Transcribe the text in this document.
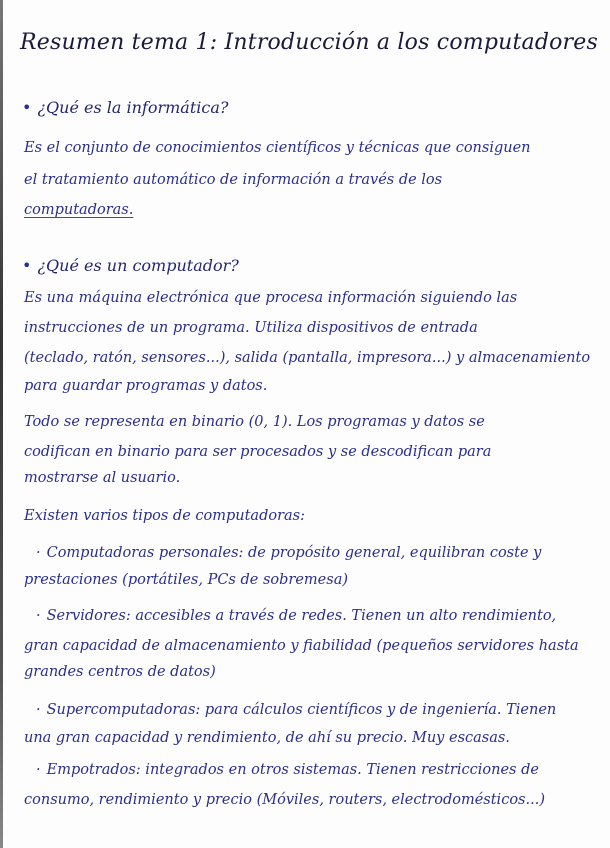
Resumen tema 1: Introducción a los computadores
• ¿Qué es la informática?
Es el conjunto de conocimientos científicos y técnicas que consiguen
el tratamiento automático de información a través de los
computadoras.
• ¿Qué es un computador?
Es una máquina electrónica que procesa información siguiendo las
instrucciones de un programa. Utiliza dispositivos de entrada
(teclado, ratón, sensores...), salida (pantalla, impresora...) y almacenamiento
para guardar programas y datos.
Todo se representa en binario (0, 1). Los programas y datos se
codifican en binario para ser procesados y se descodifican para
mostrarse al usuario.
Existen varios tipos de computadoras:
· Computadoras personales: de propósito general, equilibran coste y
prestaciones (portátiles, PCs de sobremesa)
· Servidores: accesibles a través de redes. Tienen un alto rendimiento,
gran capacidad de almacenamiento y fiabilidad (pequeños servidores hasta
grandes centros de datos)
· Supercomputadoras: para cálculos científicos y de ingeniería. Tienen
una gran capacidad y rendimiento, de ahí su precio. Muy escasas.
· Empotrados: integrados en otros sistemas. Tienen restricciones de
consumo, rendimiento y precio (Móviles, routers, electrodomésticos...)
